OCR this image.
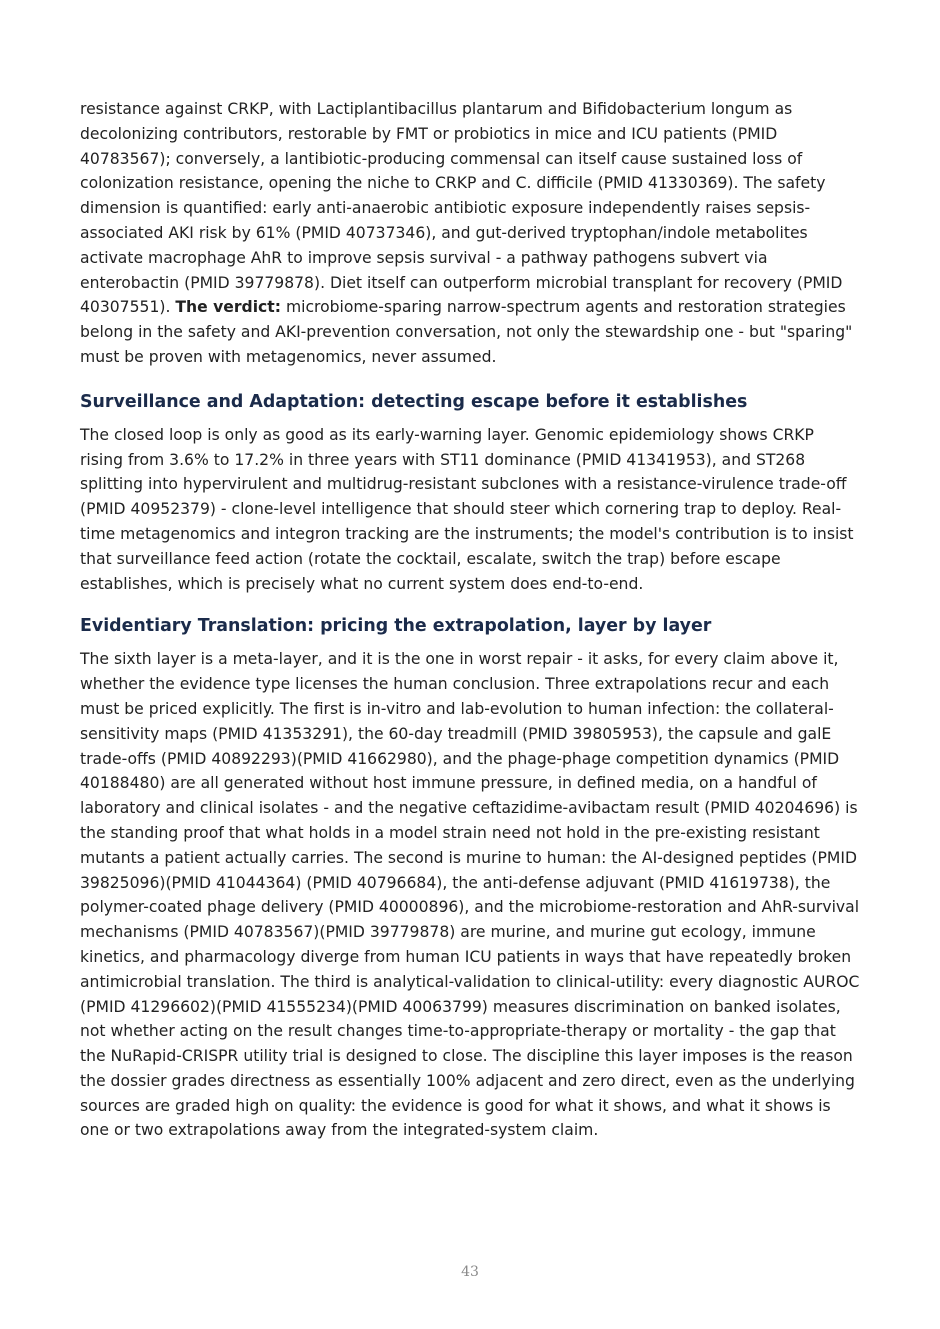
resistance against CRKP, with Lactiplantibacillus plantarum and Bifidobacterium longum as decolonizing contributors, restorable by FMT or probiotics in mice and ICU patients (PMID 40783567); conversely, a lantibiotic-producing commensal can itself cause sustained loss of colonization resistance, opening the niche to CRKP and C. difficile (PMID 41330369). The safety dimension is quantified: early anti-anaerobic antibiotic exposure independently raises sepsis-associated AKI risk by 61% (PMID 40737346), and gut-derived tryptophan/indole metabolites activate macrophage AhR to improve sepsis survival - a pathway pathogens subvert via enterobactin (PMID 39779878). Diet itself can outperform microbial transplant for recovery (PMID 40307551). The verdict: microbiome-sparing narrow-spectrum agents and restoration strategies belong in the safety and AKI-prevention conversation, not only the stewardship one - but "sparing" must be proven with metagenomics, never assumed.

Surveillance and Adaptation: detecting escape before it establishes

The closed loop is only as good as its early-warning layer. Genomic epidemiology shows CRKP rising from 3.6% to 17.2% in three years with ST11 dominance (PMID 41341953), and ST268 splitting into hypervirulent and multidrug-resistant subclones with a resistance-virulence trade-off (PMID 40952379) - clone-level intelligence that should steer which cornering trap to deploy. Real-time metagenomics and integron tracking are the instruments; the model's contribution is to insist that surveillance feed action (rotate the cocktail, escalate, switch the trap) before escape establishes, which is precisely what no current system does end-to-end.

Evidentiary Translation: pricing the extrapolation, layer by layer

The sixth layer is a meta-layer, and it is the one in worst repair - it asks, for every claim above it, whether the evidence type licenses the human conclusion. Three extrapolations recur and each must be priced explicitly. The first is in-vitro and lab-evolution to human infection: the collateral-sensitivity maps (PMID 41353291), the 60-day treadmill (PMID 39805953), the capsule and galE trade-offs (PMID 40892293)(PMID 41662980), and the phage-phage competition dynamics (PMID 40188480) are all generated without host immune pressure, in defined media, on a handful of laboratory and clinical isolates - and the negative ceftazidime-avibactam result (PMID 40204696) is the standing proof that what holds in a model strain need not hold in the pre-existing resistant mutants a patient actually carries. The second is murine to human: the AI-designed peptides (PMID 39825096)(PMID 41044364) (PMID 40796684), the anti-defense adjuvant (PMID 41619738), the polymer-coated phage delivery (PMID 40000896), and the microbiome-restoration and AhR-survival mechanisms (PMID 40783567)(PMID 39779878) are murine, and murine gut ecology, immune kinetics, and pharmacology diverge from human ICU patients in ways that have repeatedly broken antimicrobial translation. The third is analytical-validation to clinical-utility: every diagnostic AUROC (PMID 41296602)(PMID 41555234)(PMID 40063799) measures discrimination on banked isolates, not whether acting on the result changes time-to-appropriate-therapy or mortality - the gap that the NuRapid-CRISPR utility trial is designed to close. The discipline this layer imposes is the reason the dossier grades directness as essentially 100% adjacent and zero direct, even as the underlying sources are graded high on quality: the evidence is good for what it shows, and what it shows is one or two extrapolations away from the integrated-system claim.

43
